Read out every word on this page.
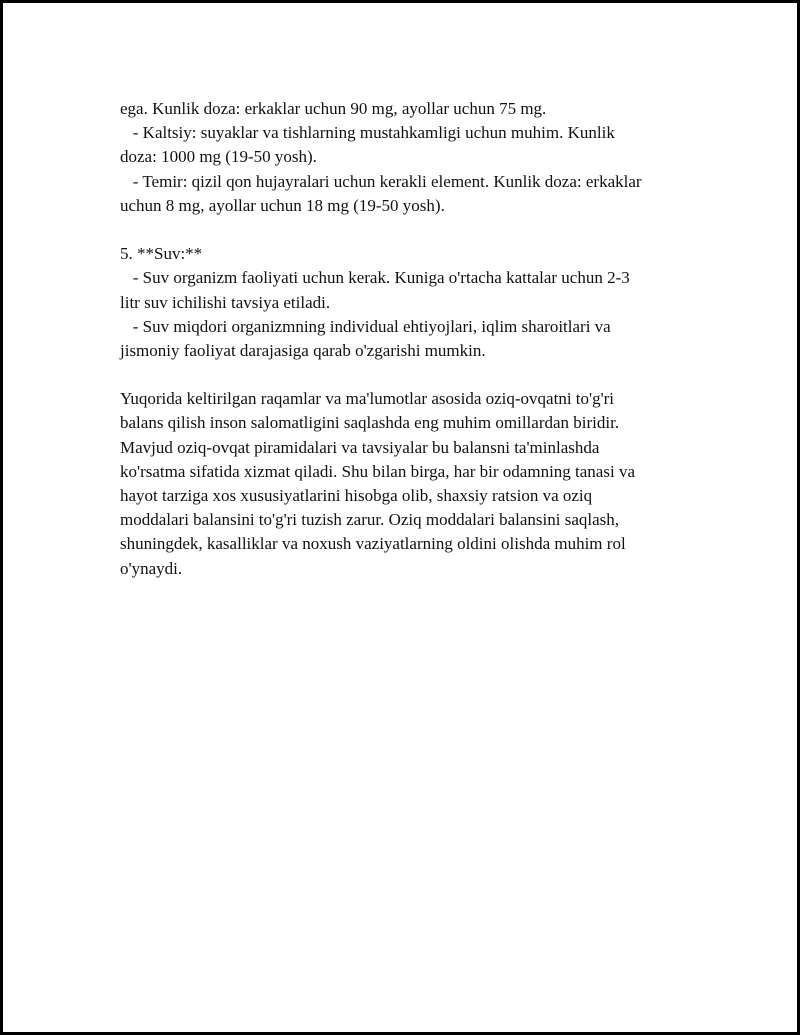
ega. Kunlik doza: erkaklar uchun 90 mg, ayollar uchun 75 mg.

- Kaltsiy: suyaklar va tishlarning mustahkamligi uchun muhim. Kunlik

doza: 1000 mg (19-50 yosh).

- Temir: qizil qon hujayralari uchun kerakli element. Kunlik doza: erkaklar

uchun 8 mg, ayollar uchun 18 mg (19-50 yosh).

5. **Suv:**

- Suv organizm faoliyati uchun kerak. Kuniga o'rtacha kattalar uchun 2-3

litr suv ichilishi tavsiya etiladi.

- Suv miqdori organizmning individual ehtiyojlari, iqlim sharoitlari va

jismoniy faoliyat darajasiga qarab o'zgarishi mumkin.

Yuqorida keltirilgan raqamlar va ma'lumotlar asosida oziq-ovqatni to'g'ri

balans qilish inson salomatligini saqlashda eng muhim omillardan biridir.

Mavjud oziq-ovqat piramidalari va tavsiyalar bu balansni ta'minlashda

ko'rsatma sifatida xizmat qiladi. Shu bilan birga, har bir odamning tanasi va

hayot tarziga xos xususiyatlarini hisobga olib, shaxsiy ratsion va oziq

moddalari balansini to'g'ri tuzish zarur. Oziq moddalari balansini saqlash,

shuningdek, kasalliklar va noxush vaziyatlarning oldini olishda muhim rol

o'ynaydi.
